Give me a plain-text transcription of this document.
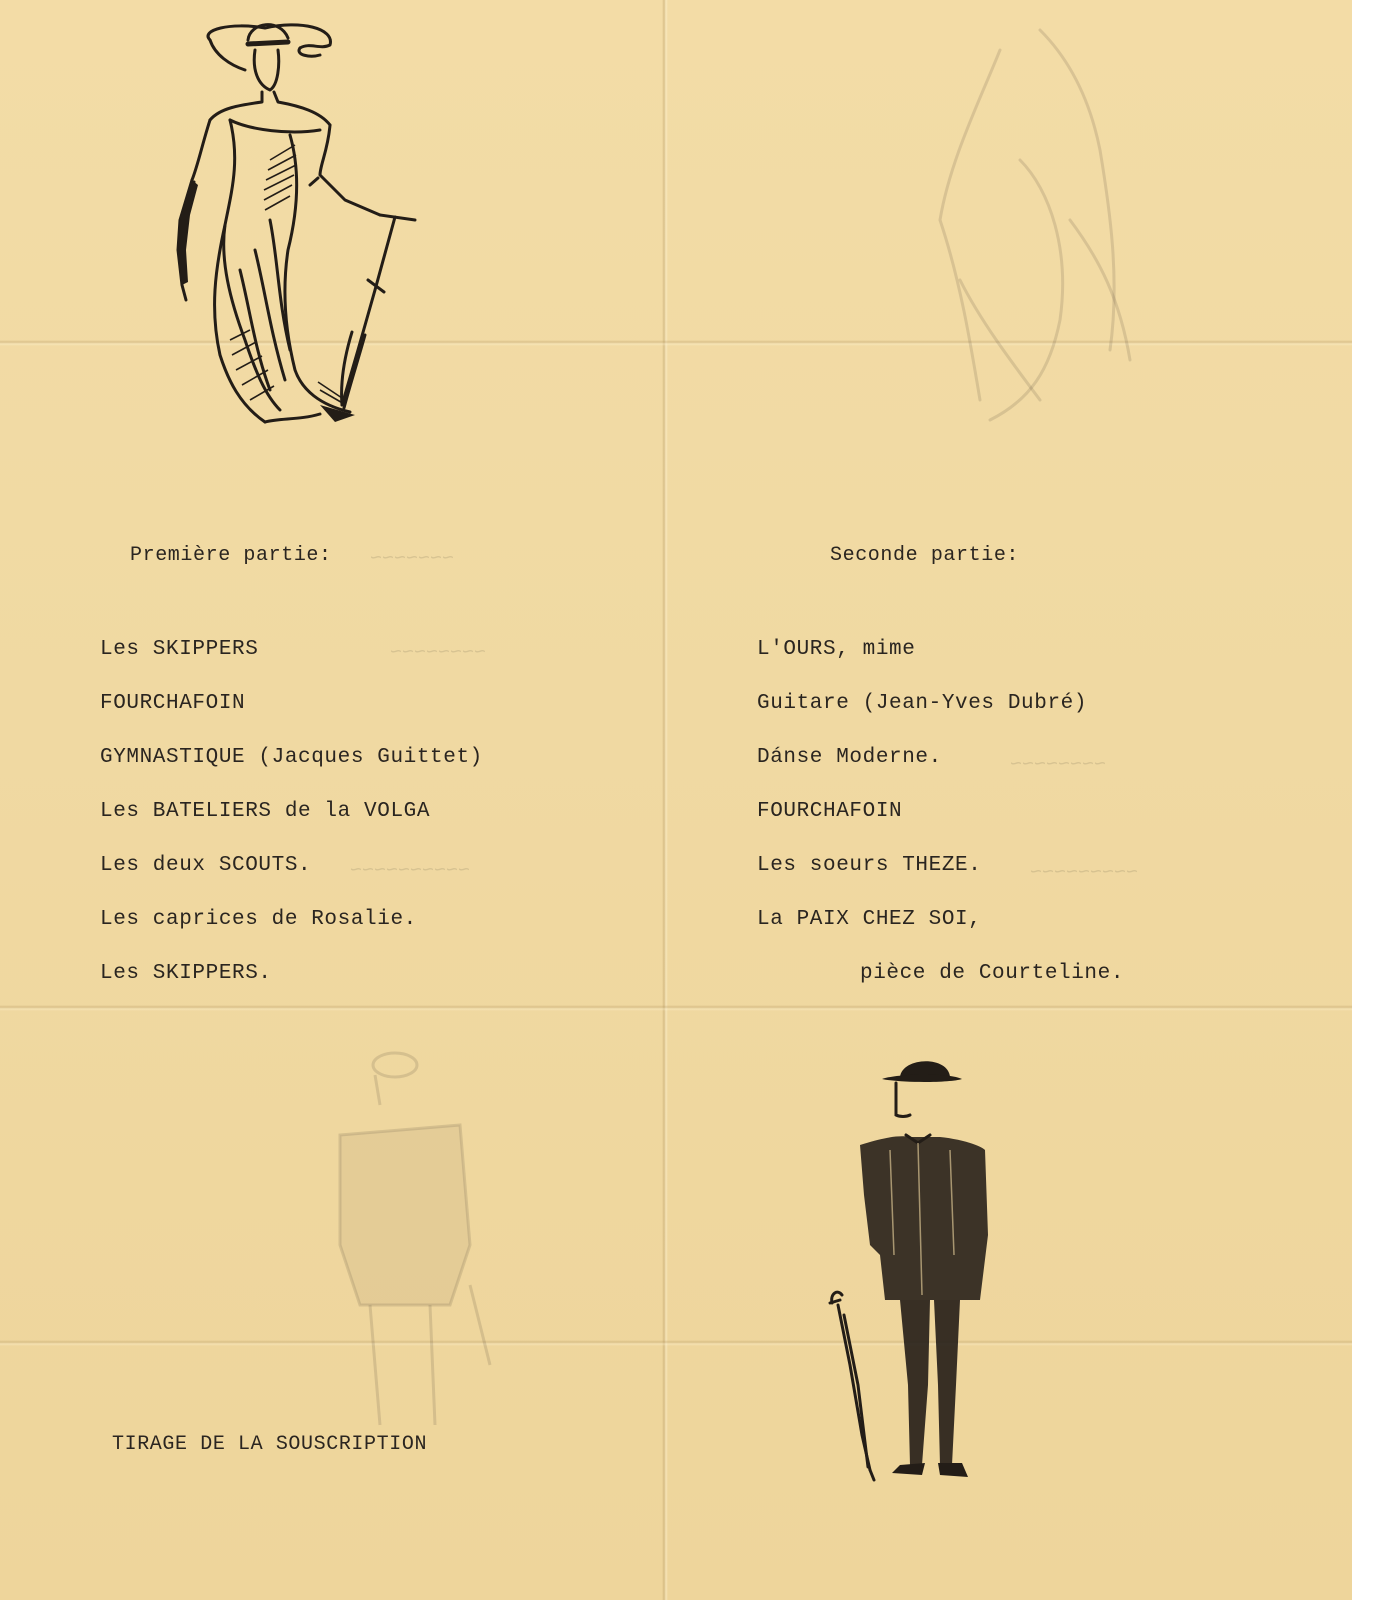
~~~~~~~
~~~~~~~~
~~~~~~~~~~
~~~~~~~~
~~~~~~~~~
Première partie:
Les SKIPPERS
FOURCHAFOIN
GYMNASTIQUE (Jacques Guittet)
Les BATELIERS de la VOLGA
Les deux SCOUTS.
Les caprices de Rosalie.
Les SKIPPERS.
TIRAGE DE LA SOUSCRIPTION
Seconde partie:
L'OURS, mime
Guitare (Jean-Yves Dubré)
Dánse Moderne.
FOURCHAFOIN
Les soeurs THEZE.
La PAIX CHEZ SOI,
pièce de Courteline.
